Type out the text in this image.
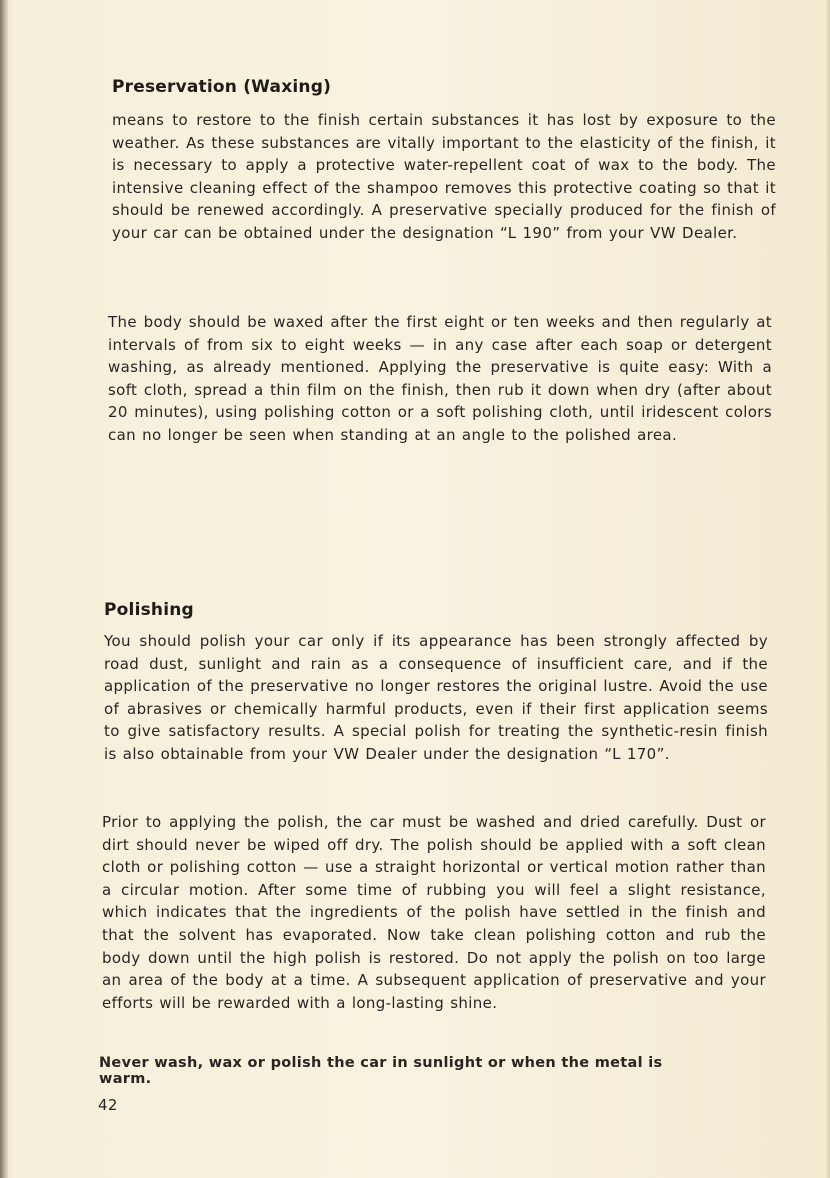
Preservation (Waxing)

means to restore to the finish certain substances it has lost by exposure to the weather. As these substances are vitally important to the elasticity of the finish, it is necessary to apply a protective water-repellent coat of wax to the body. The intensive cleaning effect of the shampoo removes this protective coating so that it should be renewed accordingly. A preservative specially produced for the finish of your car can be obtained under the designation “L 190” from your VW Dealer.

The body should be waxed after the first eight or ten weeks and then regularly at intervals of from six to eight weeks — in any case after each soap or detergent washing, as already mentioned. Applying the preservative is quite easy: With a soft cloth, spread a thin film on the finish, then rub it down when dry (after about 20 minutes), using polishing cotton or a soft polishing cloth, until iridescent colors can no longer be seen when standing at an angle to the polished area.

Polishing

You should polish your car only if its appearance has been strongly affected by road dust, sunlight and rain as a consequence of insufficient care, and if the application of the preservative no longer restores the original lustre. Avoid the use of abrasives or chemically harmful products, even if their first application seems to give satisfactory results. A special polish for treating the synthetic-resin finish is also obtainable from your VW Dealer under the designation “L 170”.

Prior to applying the polish, the car must be washed and dried carefully. Dust or dirt should never be wiped off dry. The polish should be applied with a soft clean cloth or polishing cotton — use a straight horizontal or vertical motion rather than a circular motion. After some time of rubbing you will feel a slight resistance, which indicates that the ingredients of the polish have settled in the finish and that the solvent has evaporated. Now take clean polishing cotton and rub the body down until the high polish is restored. Do not apply the polish on too large an area of the body at a time. A subsequent application of preservative and your efforts will be rewarded with a long-lasting shine.

Never wash, wax or polish the car in sunlight or when the metal is warm.
42
